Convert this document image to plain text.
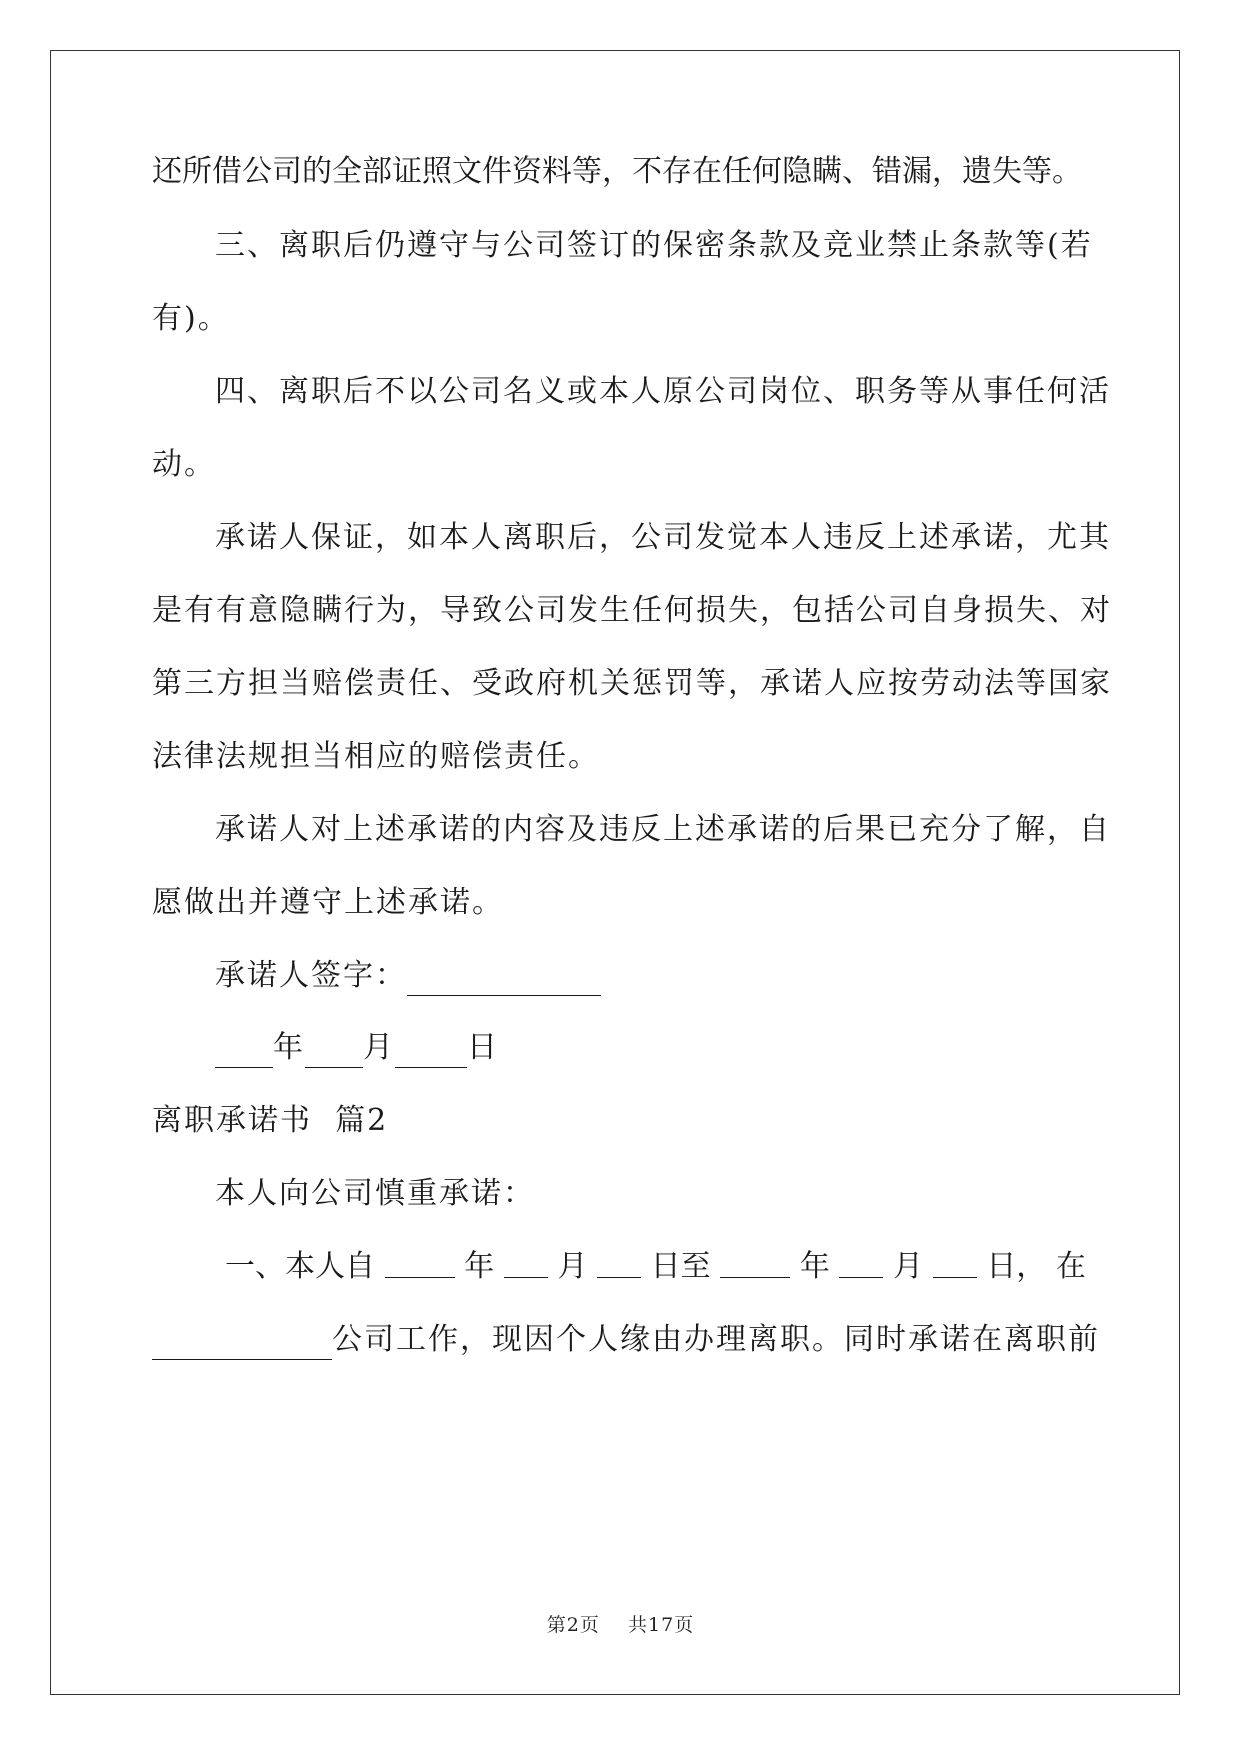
还所借公司的全部证照文件资料等，不存在任何隐瞒、错漏，遗失等。
三、离职后仍遵守与公司签订的保密条款及竞业禁止条款等(若
有)。
四、离职后不以公司名义或本人原公司岗位、职务等从事任何活
动。
承诺人保证，如本人离职后，公司发觉本人违反上述承诺，尤其
是有有意隐瞒行为，导致公司发生任何损失，包括公司自身损失、对
第三方担当赔偿责任、受政府机关惩罚等，承诺人应按劳动法等国家
法律法规担当相应的赔偿责任。
承诺人对上述承诺的内容及违反上述承诺的后果已充分了解，自
愿做出并遵守上述承诺。
承诺人签字：
年 月 日
离职承诺书  篇2
本人向公司慎重承诺：
一、本人自	年 月 日至	年 月 日， 在
公司工作，现因个人缘由办理离职。同时承诺在离职前
第2页    共17页
